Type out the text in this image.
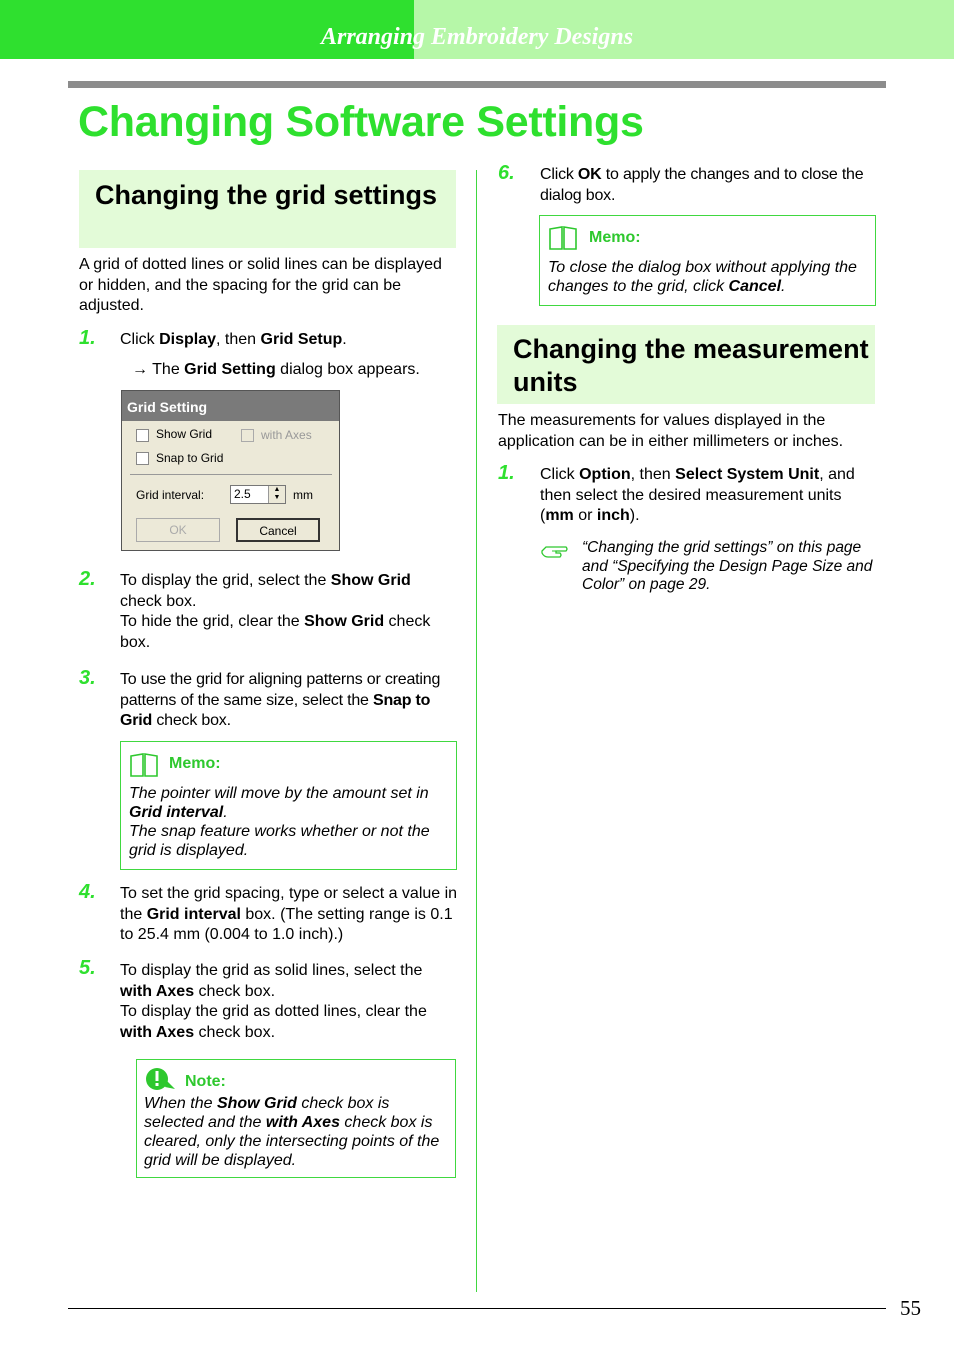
Arranging Embroidery Designs
Changing Software Settings
Changing the grid settings
A grid of dotted lines or solid lines can be displayed or hidden, and the spacing for the grid can be adjusted.
1. Click Display, then Grid Setup.
→ The Grid Setting dialog box appears.
Grid Setting
Show Grid	with Axes
Snap to Grid
Grid interval: 2.5	▲
▼	mm
OK	Cancel
2. To display the grid, select the Show Grid check box.
To hide the grid, clear the Show Grid check box.
3. To use the grid for aligning patterns or creating patterns of the same size, select the Snap to Grid check box.
Memo:
The pointer will move by the amount set in Grid interval.
The snap feature works whether or not the grid is displayed.
4. To set the grid spacing, type or select a value in the Grid interval box. (The setting range is 0.1 to 25.4 mm (0.004 to 1.0 inch).)
5. To display the grid as solid lines, select the with Axes check box.
To display the grid as dotted lines, clear the with Axes check box.
Note:
When the Show Grid check box is selected and the with Axes check box is cleared, only the intersecting points of the grid will be displayed.
6. Click OK to apply the changes and to close the dialog box.
Memo:
To close the dialog box without applying the changes to the grid, click Cancel.
Changing the measurement units
The measurements for values displayed in the application can be in either millimeters or inches.
1. Click Option, then Select System Unit, and then select the desired measurement units (mm or inch).
“Changing the grid settings” on this page and “Specifying the Design Page Size and Color” on page 29.
55
